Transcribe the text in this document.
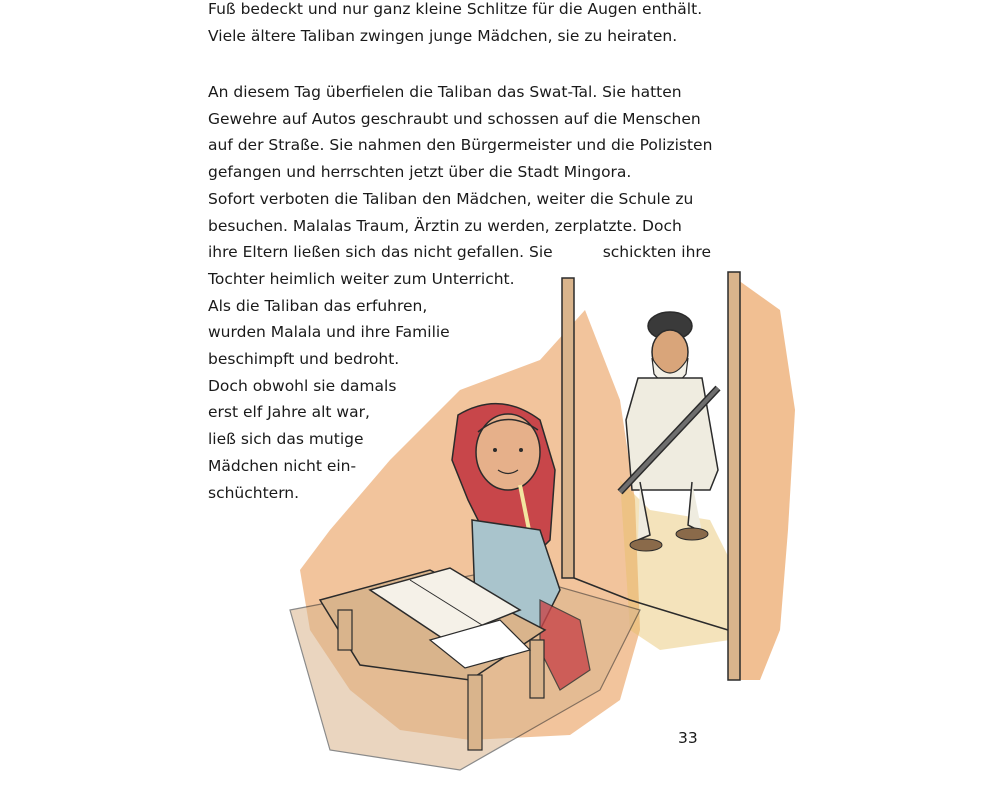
Fuß bedeckt und nur ganz kleine Schlitze für die Augen enthält.
Viele ältere Taliban zwingen junge Mädchen, sie zu heiraten.
An diesem Tag überfielen die Taliban das Swat-Tal. Sie hatten
Gewehre auf Autos geschraubt und schossen auf die Menschen
auf der Straße. Sie nahmen den Bürgermeister und die Polizisten
gefangen und herrschten jetzt über die Stadt Mingora.
Sofort verboten die Taliban den Mädchen, weiter die Schule zu
besuchen. Malalas Traum, Ärztin zu werden, zerplatzte. Doch
ihre Eltern ließen sich das nicht gefallen. Sie	schickten ihre
Tochter heimlich weiter zum Unterricht.
Als die Taliban das erfuhren,
wurden Malala und ihre Familie
beschimpft und bedroht.
Doch obwohl sie damals
erst elf Jahre alt war,
ließ sich das mutige
Mädchen nicht ein-
schüchtern.
33
